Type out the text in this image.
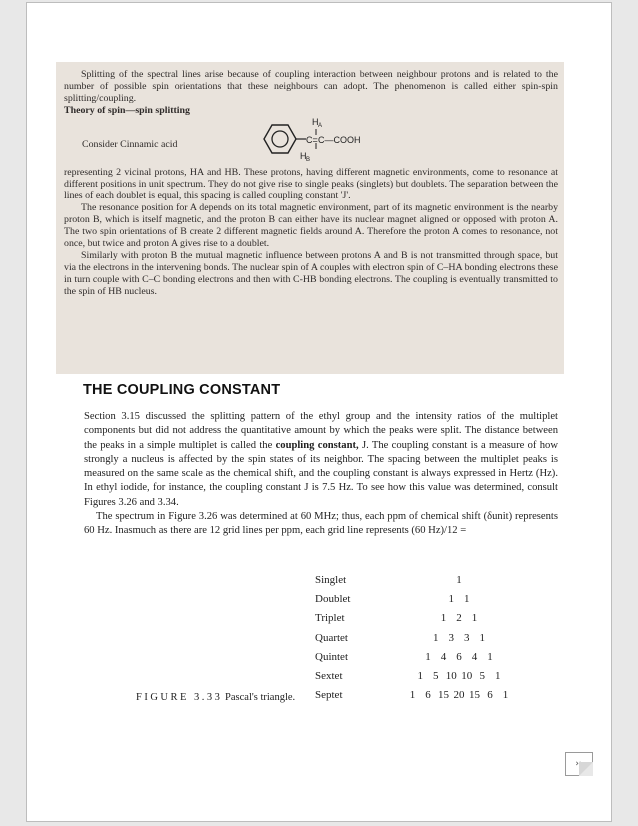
Splitting of the spectral lines arise because of coupling interaction between neighbour protons and is related to the number of possible spin orientations that these neighbours can adopt. The phenomenon is called either spin-spin splitting/coupling.

Theory of spin—spin splitting

Consider Cinnamic acid	C= C—COOH
H A
H B

representing 2 vicinal protons, HA and HB. These protons, having different magnetic environments, come to resonance at different positions in unit spectrum. They do not give rise to single peaks (singlets) but doublets. The separation between the lines of each doublet is equal, this spacing is called coupling constant 'J'.

The resonance position for A depends on its total magnetic environment, part of its magnetic environment is the nearby proton B, which is itself magnetic, and the proton B can either have its nuclear magnet aligned or opposed with proton A. The two spin orientations of B create 2 different magnetic fields around A. Therefore the proton A comes to resonance, not once, but twice and proton A gives rise to a doublet.

Similarly with proton B the mutual magnetic influence between protons A and B is not transmitted through space, but via the electrons in the intervening bonds. The nuclear spin of A couples with electron spin of C–HA bonding electrons these in turn couple with C–C bonding electrons and then with C-HB bonding electrons. The coupling is eventually transmitted to the spin of HB nucleus.

THE COUPLING CONSTANT

Section 3.15 discussed the splitting pattern of the ethyl group and the intensity ratios of the multiplet components but did not address the quantitative amount by which the peaks were split. The distance between the peaks in a simple multiplet is called the coupling constant, J. The coupling constant is a measure of how strongly a nucleus is affected by the spin states of its neighbor. The spacing between the multiplet peaks is measured on the same scale as the chemical shift, and the coupling constant is always expressed in Hertz (Hz). In ethyl iodide, for instance, the coupling constant J is 7.5 Hz. To see how this value was determined, consult Figures 3.26 and 3.34.

The spectrum in Figure 3.26 was determined at 60 MHz; thus, each ppm of chemical shift (δunit) represents 60 Hz. Inasmuch as there are 12 grid lines per ppm, each grid line represents (60 Hz)/12 =

Singlet	1
Doublet	1 1
Triplet	1 2 1
Quartet	1 3 3 1
Quintet	1 4 6 4 1
Sextet	1 5 10 10 5 1
Septet	1 6 15 20 15 6 1
FIGURE 3.33 Pascal's triangle.
››
